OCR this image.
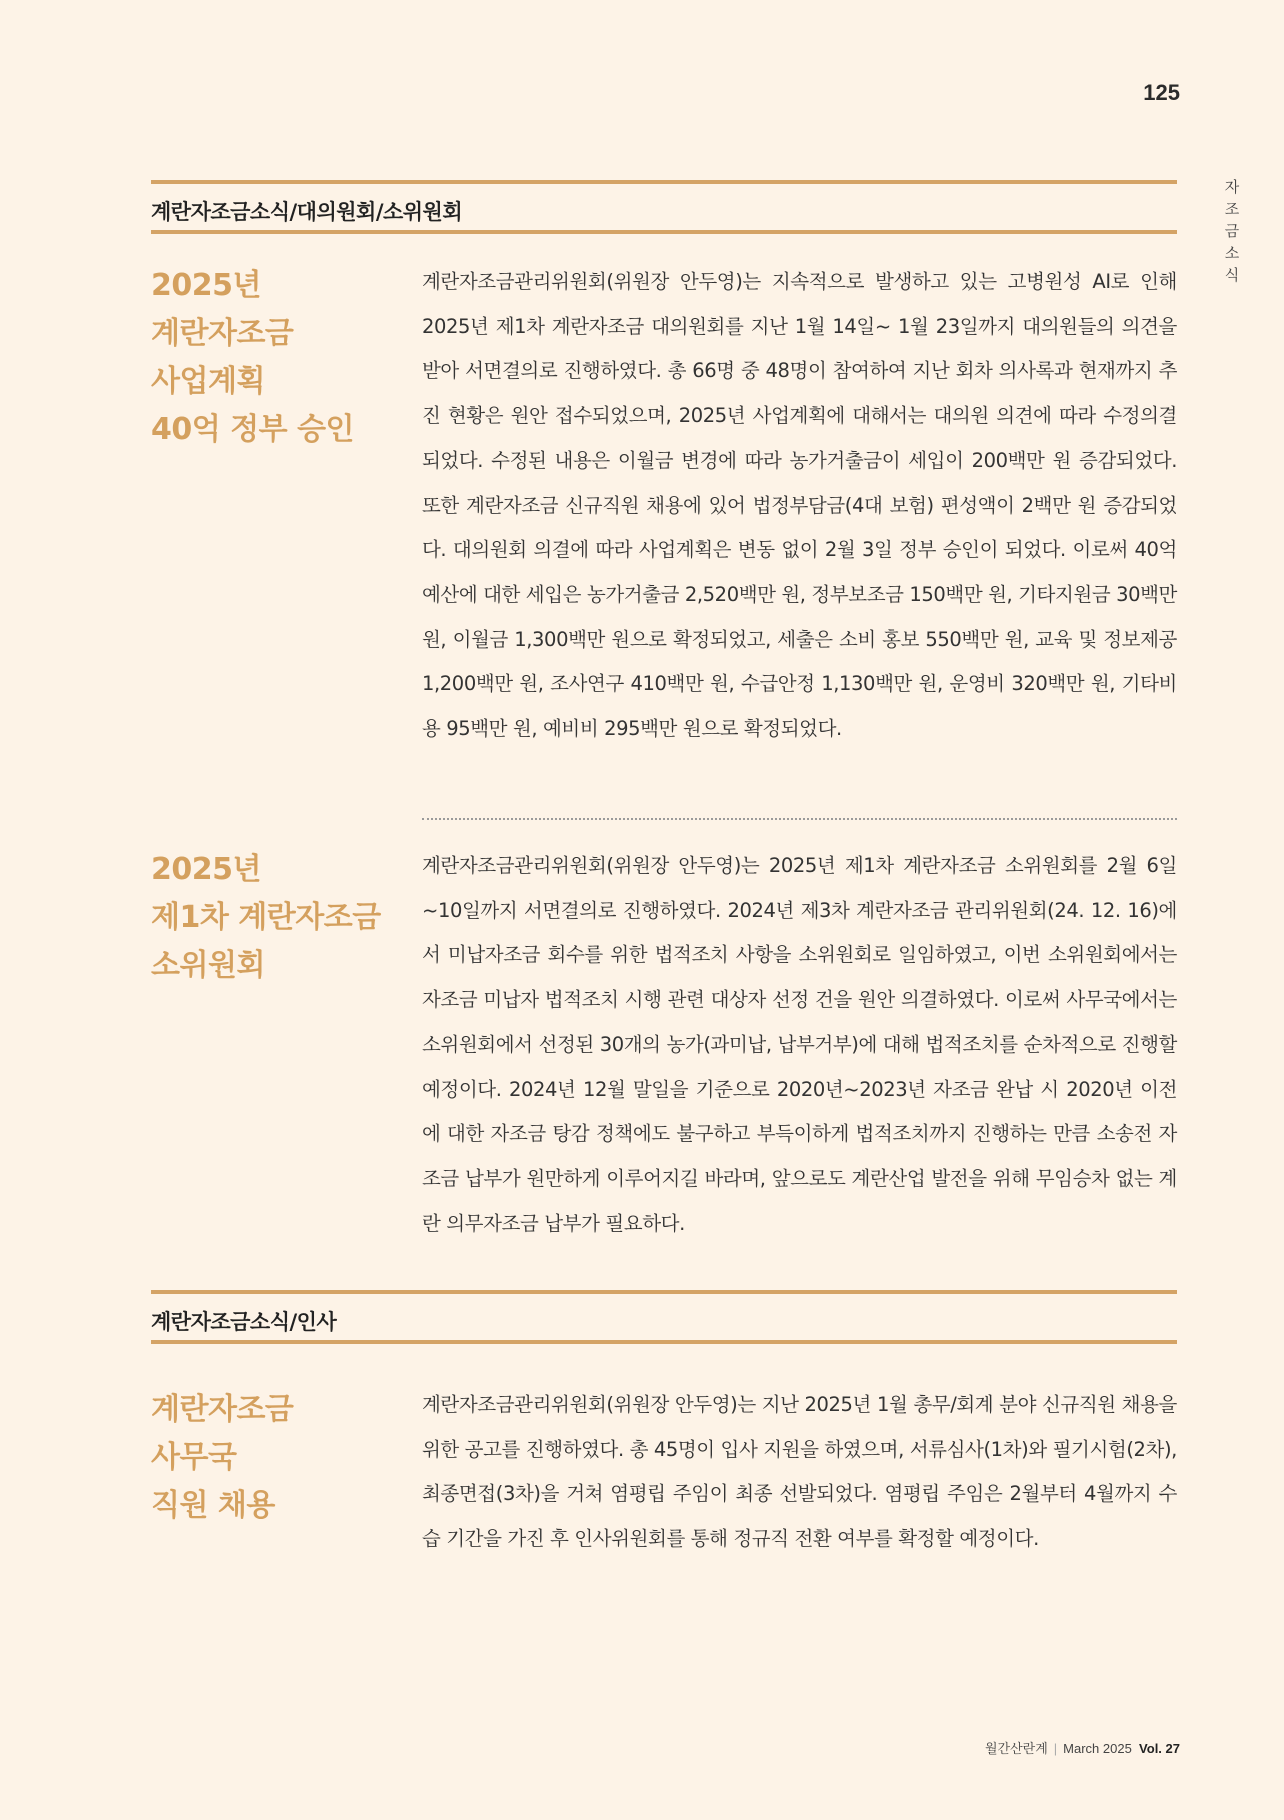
125
자 조 금 소 식
계란자조금소식/대의원회/소위원회
2025년
계란자조금
사업계획
40억 정부 승인
계란자조금관리위원회(위원장 안두영)는 지속적으로 발생하고 있는 고병원성 AI로 인해 2025년 제1차 계란자조금 대의원회를 지난 1월 14일~ 1월 23일까지 대의원들의 의견을 받아 서면결의로 진행하였다. 총 66명 중 48명이 참여하여 지난 회차 의사록과 현재까지 추진 현황은 원안 접수되었으며, 2025년 사업계획에 대해서는 대의원 의견에 따라 수정의결 되었다. 수정된 내용은 이월금 변경에 따라 농가거출금이 세입이 200백만 원 증감되었다. 또한 계란자조금 신규직원 채용에 있어 법정부담금(4대 보험) 편성액이 2백만 원 증감되었다. 대의원회 의결에 따라 사업계획은 변동 없이 2월 3일 정부 승인이 되었다. 이로써 40억 예산에 대한 세입은 농가거출금 2,520백만 원, 정부보조금 150백만 원, 기타지원금 30백만 원, 이월금 1,300백만 원으로 확정되었고, 세출은 소비 홍보 550백만 원, 교육 및 정보제공 1,200백만 원, 조사연구 410백만 원, 수급안정 1,130백만 원, 운영비 320백만 원, 기타비용 95백만 원, 예비비 295백만 원으로 확정되었다.
2025년
제1차 계란자조금
소위원회
계란자조금관리위원회(위원장 안두영)는 2025년 제1차 계란자조금 소위원회를 2월 6일~10일까지 서면결의로 진행하였다. 2024년 제3차 계란자조금 관리위원회(24. 12. 16)에서 미납자조금 회수를 위한 법적조치 사항을 소위원회로 일임하였고, 이번 소위원회에서는 자조금 미납자 법적조치 시행 관련 대상자 선정 건을 원안 의결하였다. 이로써 사무국에서는 소위원회에서 선정된 30개의 농가(과미납, 납부거부)에 대해 법적조치를 순차적으로 진행할 예정이다. 2024년 12월 말일을 기준으로 2020년~2023년 자조금 완납 시 2020년 이전에 대한 자조금 탕감 정책에도 불구하고 부득이하게 법적조치까지 진행하는 만큼 소송전 자조금 납부가 원만하게 이루어지길 바라며, 앞으로도 계란산업 발전을 위해 무임승차 없는 계란 의무자조금 납부가 필요하다.
계란자조금소식/인사
계란자조금
사무국
직원 채용
계란자조금관리위원회(위원장 안두영)는 지난 2025년 1월 총무/회계 분야 신규직원 채용을 위한 공고를 진행하였다. 총 45명이 입사 지원을 하였으며, 서류심사(1차)와 필기시험(2차), 최종면접(3차)을 거쳐 염평립 주임이 최종 선발되었다. 염평립 주임은 2월부터 4월까지 수습 기간을 가진 후 인사위원회를 통해 정규직 전환 여부를 확정할 예정이다.
월간산란계 | March 2025 Vol. 27
